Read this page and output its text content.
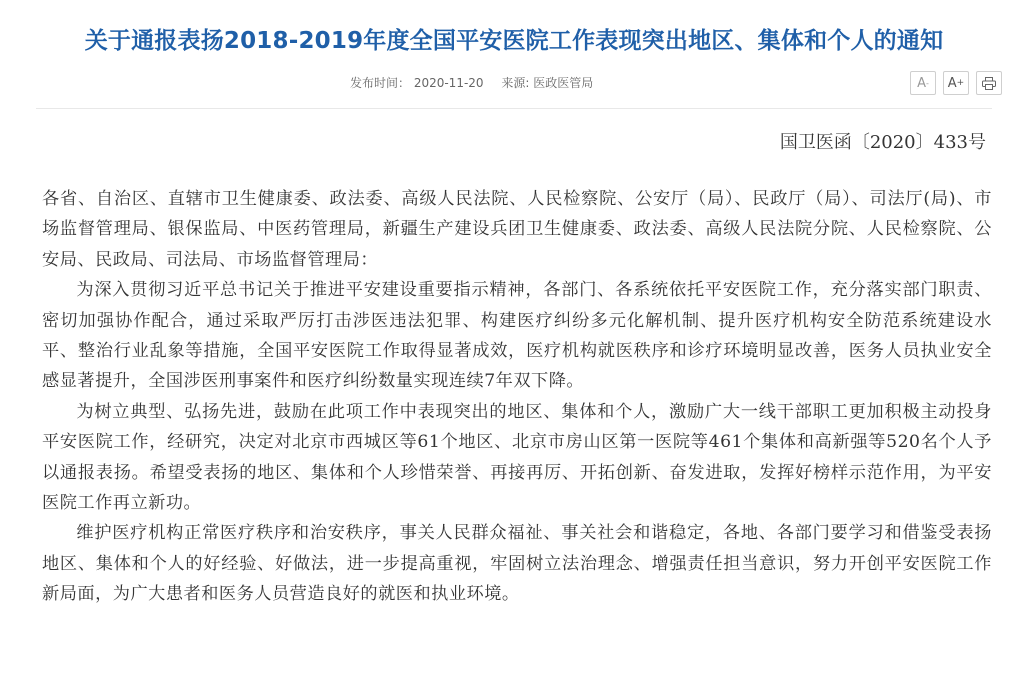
关于通报表扬2018-2019年度全国平安医院工作表现突出地区、集体和个人的通知
发布时间： 2020-11-20 来源: 医政医管局	A - A +
国卫医函〔2020〕433号

各省、自治区、直辖市卫生健康委、政法委、高级人民法院、人民检察院、公安厅（局）、民政厅（局）、司法厅(局)、市场监督管理局、银保监局、中医药管理局，新疆生产建设兵团卫生健康委、政法委、高级人民法院分院、人民检察院、公安局、民政局、司法局、市场监督管理局：

为深入贯彻习近平总书记关于推进平安建设重要指示精神，各部门、各系统依托平安医院工作，充分落实部门职责、密切加强协作配合，通过采取严厉打击涉医违法犯罪、构建医疗纠纷多元化解机制、提升医疗机构安全防范系统建设水平、整治行业乱象等措施，全国平安医院工作取得显著成效，医疗机构就医秩序和诊疗环境明显改善，医务人员执业安全感显著提升，全国涉医刑事案件和医疗纠纷数量实现连续7年双下降。

为树立典型、弘扬先进，鼓励在此项工作中表现突出的地区、集体和个人，激励广大一线干部职工更加积极主动投身平安医院工作，经研究，决定对北京市西城区等61个地区、北京市房山区第一医院等461个集体和高新强等520名个人予以通报表扬。希望受表扬的地区、集体和个人珍惜荣誉、再接再厉、开拓创新、奋发进取，发挥好榜样示范作用，为平安医院工作再立新功。

维护医疗机构正常医疗秩序和治安秩序，事关人民群众福祉、事关社会和谐稳定，各地、各部门要学习和借鉴受表扬地区、集体和个人的好经验、好做法，进一步提高重视，牢固树立法治理念、增强责任担当意识，努力开创平安医院工作新局面，为广大患者和医务人员营造良好的就医和执业环境。
